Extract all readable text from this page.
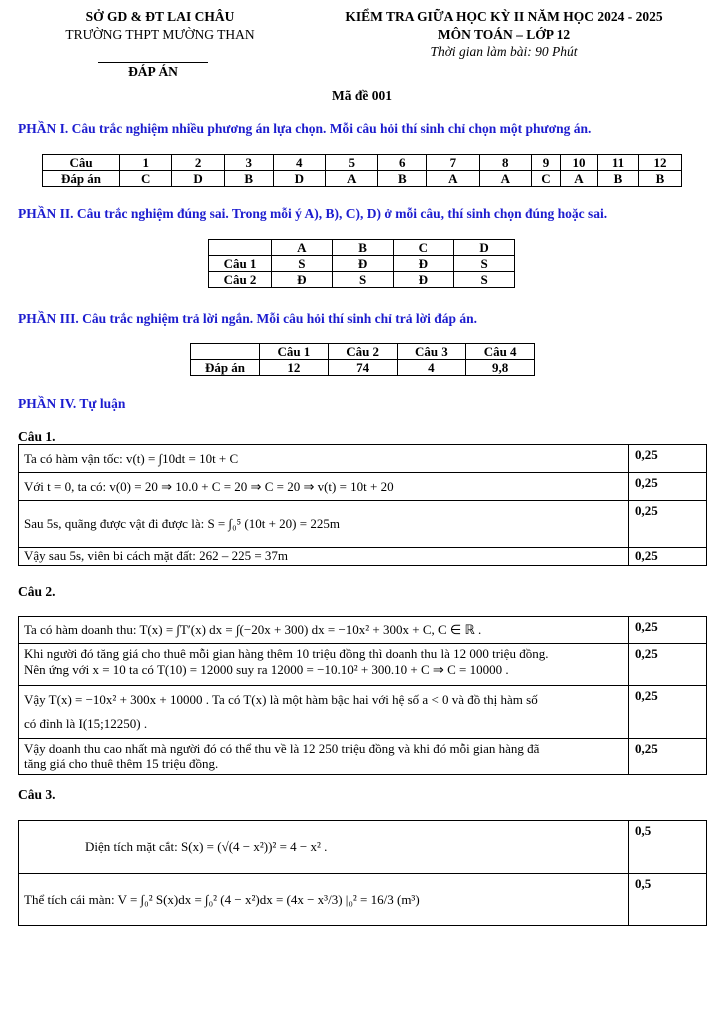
SỞ GD & ĐT LAI CHÂU
TRƯỜNG THPT MƯỜNG THAN
ĐÁP ÁN
KIỂM TRA GIỮA HỌC KỲ II NĂM HỌC 2024 - 2025
MÔN TOÁN – LỚP 12
Thời gian làm bài: 90 Phút
Mã đề 001
PHẦN I. Câu trắc nghiệm nhiều phương án lựa chọn. Mỗi câu hỏi thí sinh chỉ chọn một phương án.
Câu	1	2	3	4	5	6	7	8	9	10	11	12
Đáp án	C	D	B	D	A	B	A	A	C	A	B	B
PHẦN II. Câu trắc nghiệm đúng sai. Trong mỗi ý A), B), C), D) ở mỗi câu, thí sinh chọn đúng hoặc sai.
	A	B	C	D
Câu 1	S	Đ	Đ	S
Câu 2	Đ	S	Đ	S
PHẦN III. Câu trắc nghiệm trả lời ngắn. Mỗi câu hỏi thí sinh chỉ trả lời đáp án.
	Câu 1	Câu 2	Câu 3	Câu 4
Đáp án	12	74	4	9,8
PHẦN IV. Tự luận
Câu 1.
Ta có hàm vận tốc: v(t) = ∫10dt = 10t + C	0,25
Với t = 0, ta có: v(0) = 20 ⇒ 10.0 + C = 20 ⇒ C = 20 ⇒ v(t) = 10t + 20	0,25
Sau 5s, quãng được vật đi được là: S = ∫₀⁵ (10t + 20) = 225m	0,25
Vậy sau 5s, viên bi cách mặt đất: 262 – 225 = 37m	0,25
Câu 2.
Ta có hàm doanh thu: T(x) = ∫T′(x) dx = ∫(−20x + 300) dx = −10x² + 300x + C, C ∈ ℝ .	0,25

Khi người đó tăng giá cho thuê mỗi gian hàng thêm 10 triệu đồng thì doanh thu là 12 000 triệu đồng.
Nên ứng với x = 10 ta có T(10) = 12000 suy ra 12000 = −10.10² + 300.10 + C ⇒ C = 10000 .	0,25

Vậy T(x) = −10x² + 300x + 10000 . Ta có T(x) là một hàm bậc hai với hệ số a < 0 và đồ thị hàm số
có đỉnh là I(15;12250) .	0,25

Vậy doanh thu cao nhất mà người đó có thể thu về là 12 250 triệu đồng và khi đó mỗi gian hàng đã
tăng giá cho thuê thêm 15 triệu đồng.	0,25
Câu 3.
Diện tích mặt cắt: S(x) = (√(4 − x²))² = 4 − x² .	0,5
Thể tích cái màn: V = ∫₀² S(x)dx = ∫₀² (4 − x²)dx = (4x − x³/3) |₀² = 16/3 (m³)	0,5
